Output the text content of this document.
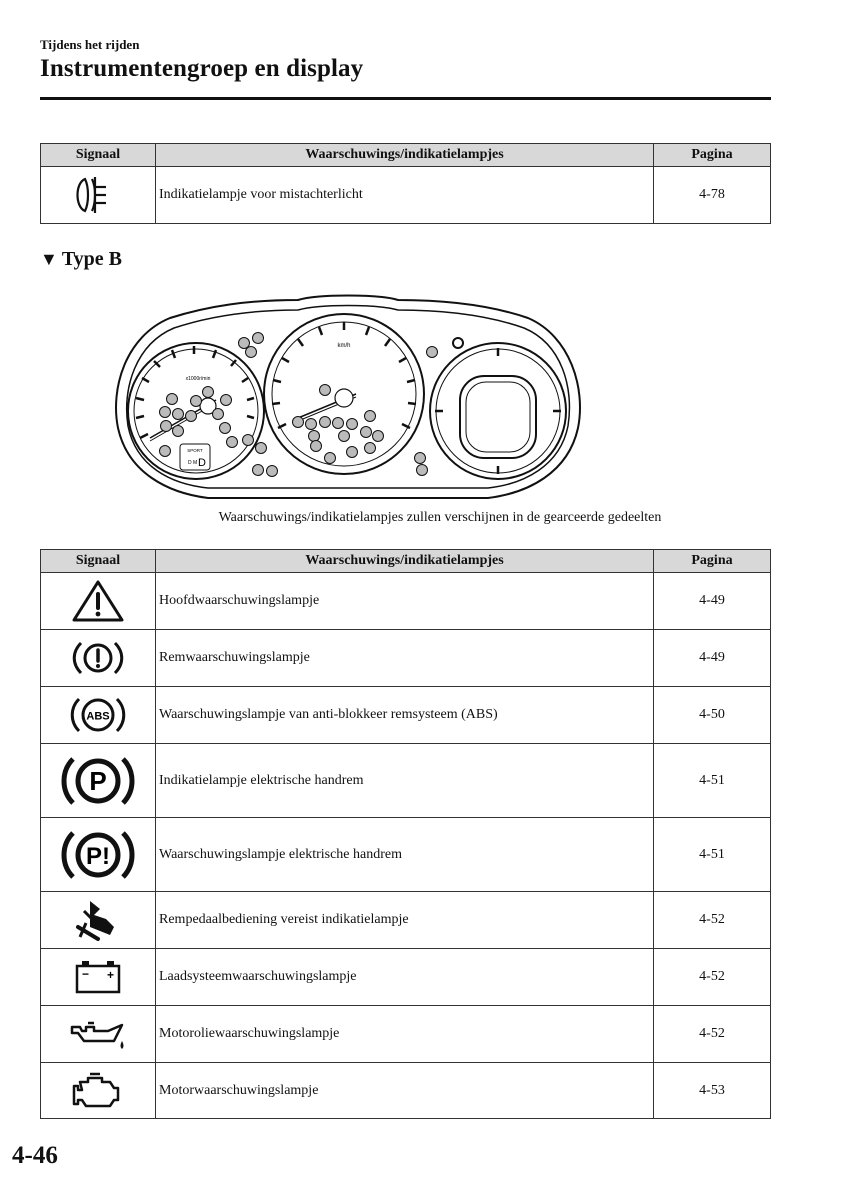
Tijdens het rijden
Instrumentengroep en display
Signaal	Waarschuwings/indikatielampjes	Pagina

	Indikatielampje voor mistachterlicht	4-78
▼ Type B
x1000r/min
SPORT
D M D
km/h
Waarschuwings/indikatielampjes zullen verschijnen in de gearceerde gedeelten
Signaal	Waarschuwings/indikatielampjes	Pagina

	Hoofdwaarschuwingslampje	4-49

	Remwaarschuwingslampje	4-49

ABS	Waarschuwingslampje van anti-blokkeer remsysteem (ABS)	4-50

P	Indikatielampje elektrische handrem	4-51

P!	Waarschuwingslampje elektrische handrem	4-51

	Rempedaalbediening vereist indikatielampje	4-52

− +	Laadsysteemwaarschuwingslampje	4-52

	Motoroliewaarschuwingslampje	4-52

	Motorwaarschuwingslampje	4-53
4-46
